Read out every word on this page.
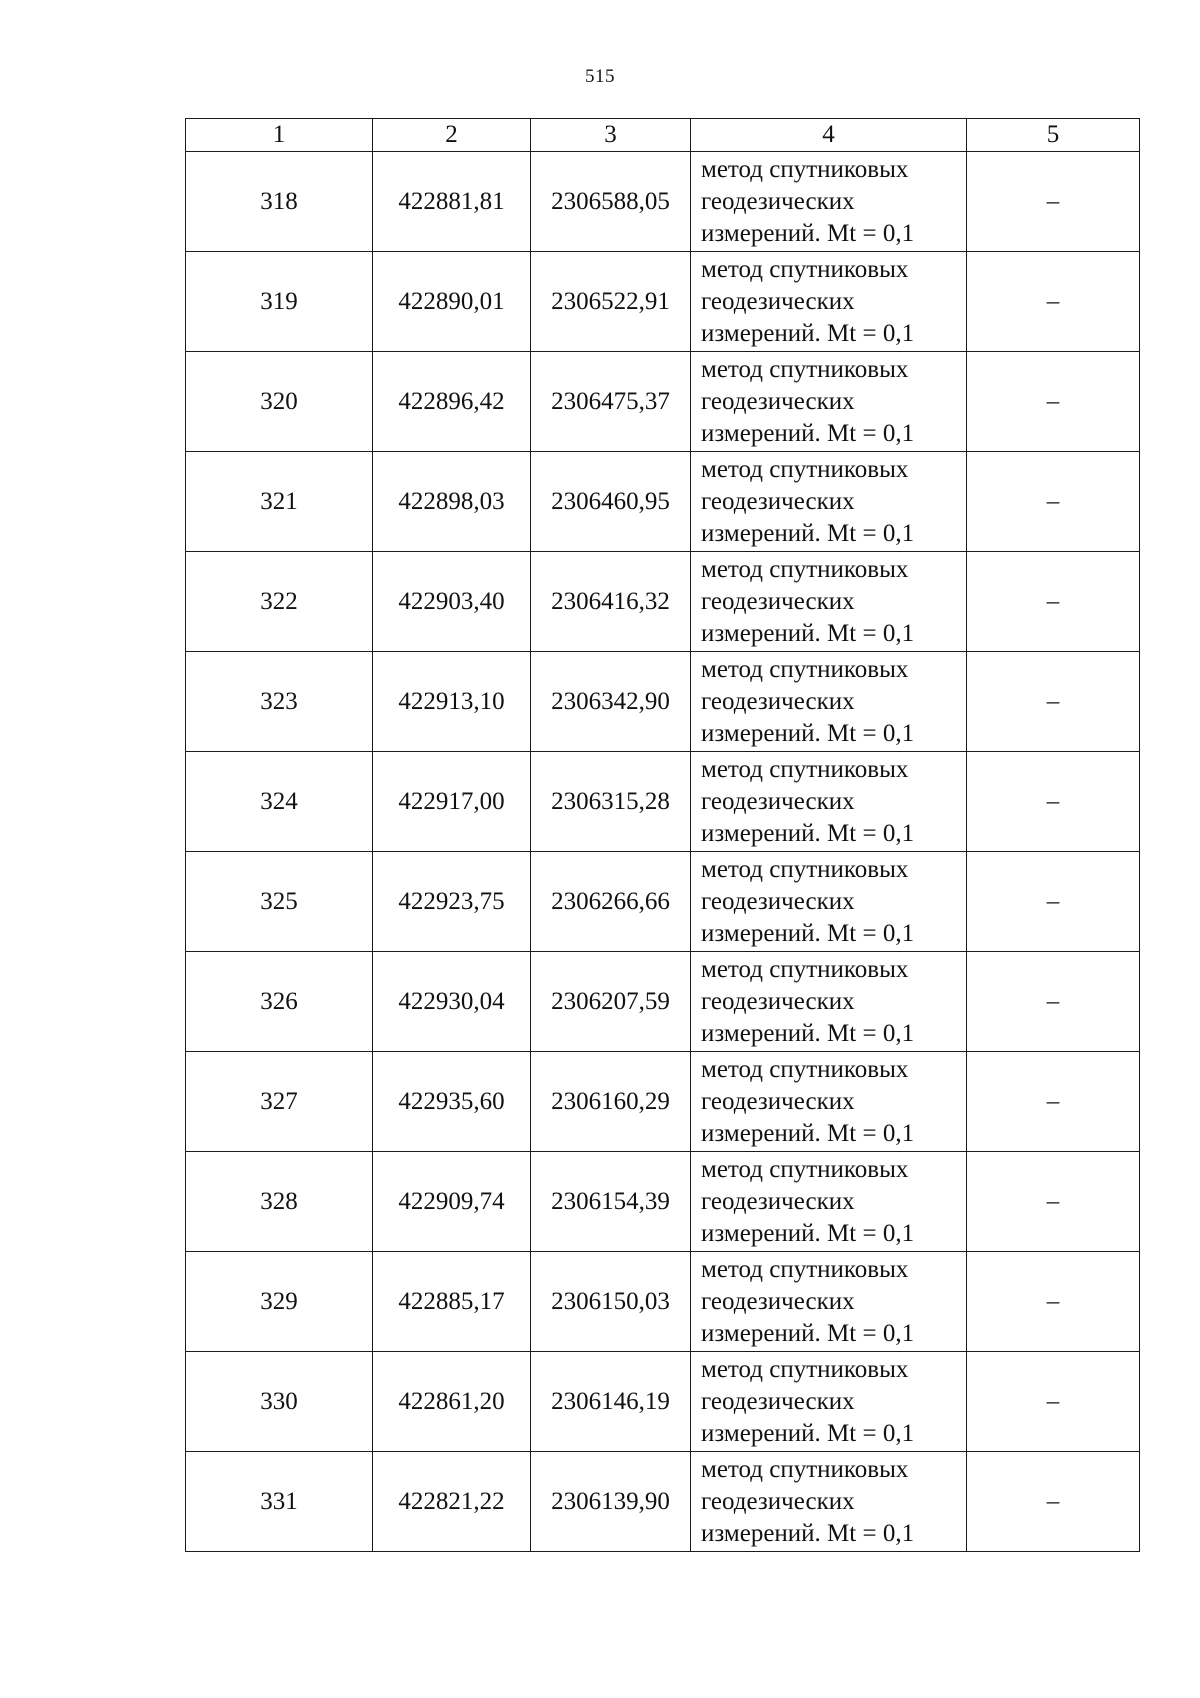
515
1	2	3	4	5
318	422881,81	2306588,05	метод спутниковых
геодезических
измерений. Mt = 0,1	–
319	422890,01	2306522,91	метод спутниковых
геодезических
измерений. Mt = 0,1	–
320	422896,42	2306475,37	метод спутниковых
геодезических
измерений. Mt = 0,1	–
321	422898,03	2306460,95	метод спутниковых
геодезических
измерений. Mt = 0,1	–
322	422903,40	2306416,32	метод спутниковых
геодезических
измерений. Mt = 0,1	–
323	422913,10	2306342,90	метод спутниковых
геодезических
измерений. Mt = 0,1	–
324	422917,00	2306315,28	метод спутниковых
геодезических
измерений. Mt = 0,1	–
325	422923,75	2306266,66	метод спутниковых
геодезических
измерений. Mt = 0,1	–
326	422930,04	2306207,59	метод спутниковых
геодезических
измерений. Mt = 0,1	–
327	422935,60	2306160,29	метод спутниковых
геодезических
измерений. Mt = 0,1	–
328	422909,74	2306154,39	метод спутниковых
геодезических
измерений. Mt = 0,1	–
329	422885,17	2306150,03	метод спутниковых
геодезических
измерений. Mt = 0,1	–
330	422861,20	2306146,19	метод спутниковых
геодезических
измерений. Mt = 0,1	–
331	422821,22	2306139,90	метод спутниковых
геодезических
измерений. Mt = 0,1	–
